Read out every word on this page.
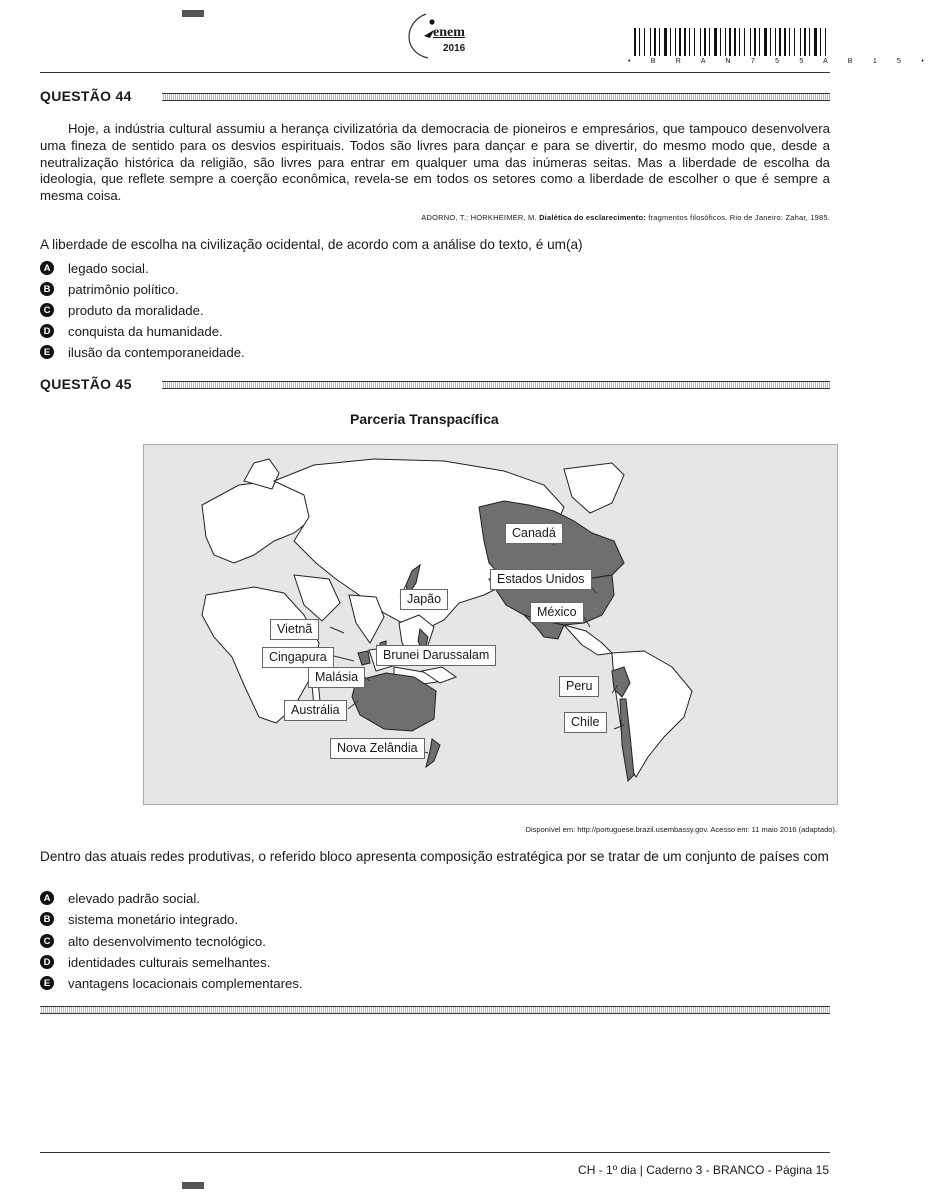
enem
2016
• B R A N 7 5 5 A B 1 5 •
QUESTÃO 44
Hoje, a indústria cultural assumiu a herança civilizatória da democracia de pioneiros e empresários, que tampouco desenvolvera uma fineza de sentido para os desvios espirituais. Todos são livres para dançar e para se divertir, do mesmo modo que, desde a neutralização histórica da religião, são livres para entrar em qualquer uma das inúmeras seitas. Mas a liberdade de escolha da ideologia, que reflete sempre a coerção econômica, revela-se em todos os setores como a liberdade de escolher o que é sempre a mesma coisa.
ADORNO, T.; HORKHEIMER, M. Dialética do esclarecimento: fragmentos filosóficos. Rio de Janeiro: Zahar, 1985.
A liberdade de escolha na civilização ocidental, de acordo com a análise do texto, é um(a)
A legado social.
B patrimônio político.
C produto da moralidade.
D conquista da humanidade.
E ilusão da contemporaneidade.
QUESTÃO 45
Parceria Transpacífica
Canadá
Estados Unidos
México
Japão
Vietnã
Cingapura	Brunei Darussalam
Malásia
Austrália
Nova Zelândia
Peru
Chile
Disponível em: http://portuguese.brazil.usembassy.gov. Acesso em: 11 maio 2016 (adaptado).
Dentro das atuais redes produtivas, o referido bloco apresenta composição estratégica por se tratar de um conjunto de países com
A elevado padrão social.
B sistema monetário integrado.
C alto desenvolvimento tecnológico.
D identidades culturais semelhantes.
E vantagens locacionais complementares.
CH - 1º dia | Caderno 3 - BRANCO - Página 15
